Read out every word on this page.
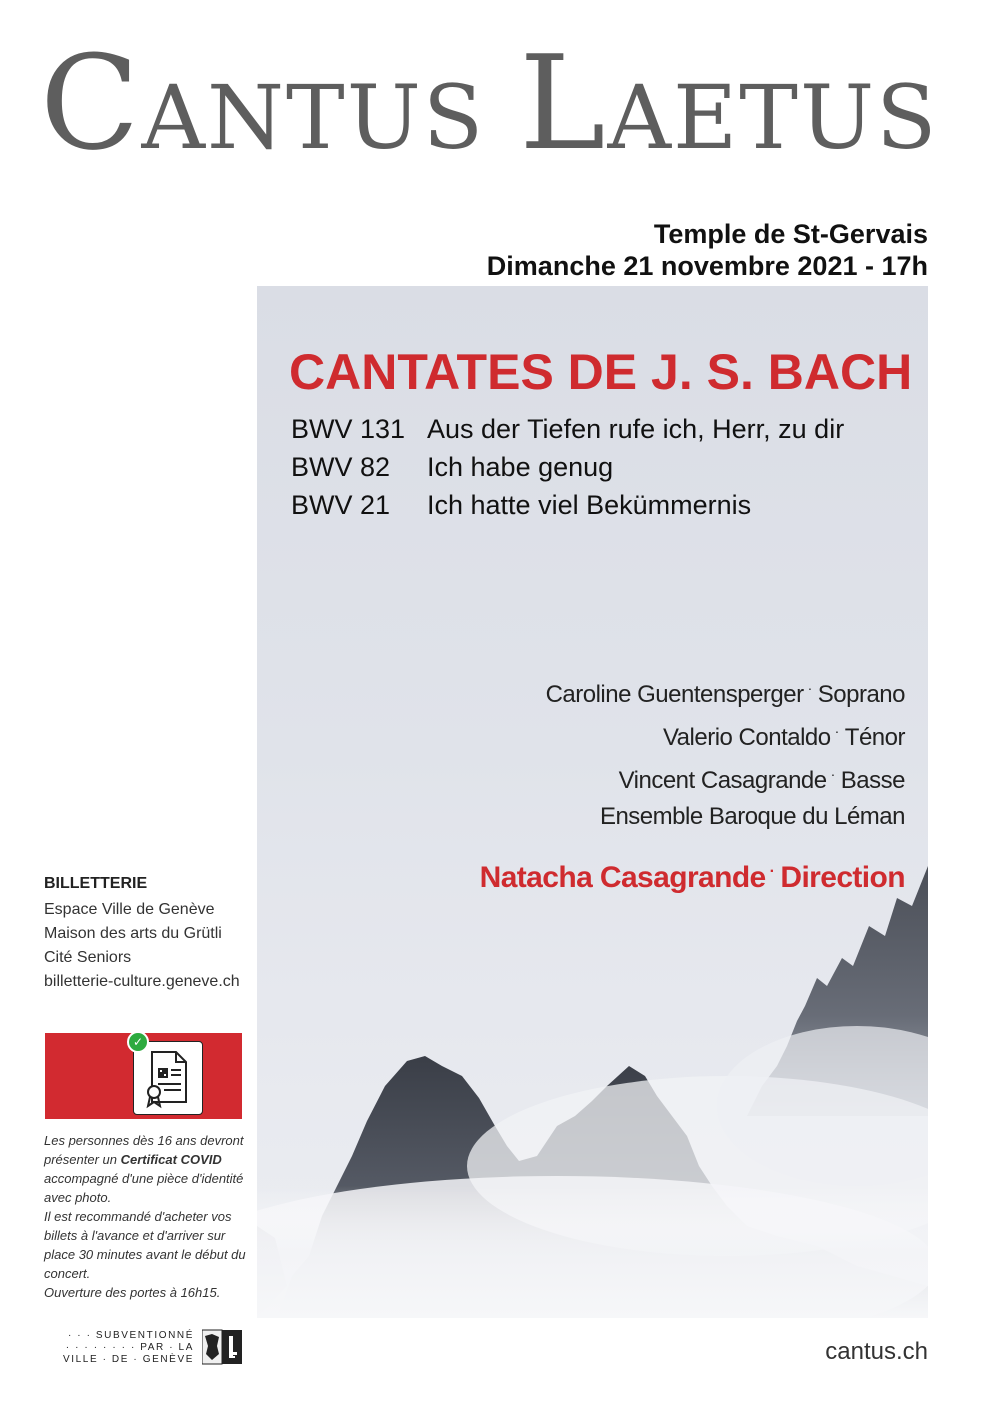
CANTUS LAETUS
Temple de St-Gervais
Dimanche 21 novembre 2021 - 17h
CANTATES DE J. S. BACH
BWV 131 Aus der Tiefen rufe ich, Herr, zu dir
BWV 82 Ich habe genug
BWV 21 Ich hatte viel Bekümmernis
Caroline Guentensperger · Soprano
Valerio Contaldo · Ténor
Vincent Casagrande · Basse
Ensemble Baroque du Léman
Natacha Casagrande · Direction
BILLETTERIE
Espace Ville de Genève
Maison des arts du Grütli
Cité Seniors
billetterie-culture.geneve.ch
✓
Les personnes dès 16 ans devront présenter un Certificat COVID accompagné d'une pièce d'identité avec photo.
Il est recommandé d'acheter vos billets à l'avance et d'arriver sur place 30 minutes avant le début du concert.
Ouverture des portes à 16h15.
· · · SUBVENTIONNÉ
· · · · · · · · PAR · LA
VILLE · DE · GENÈVE	cantus.ch
